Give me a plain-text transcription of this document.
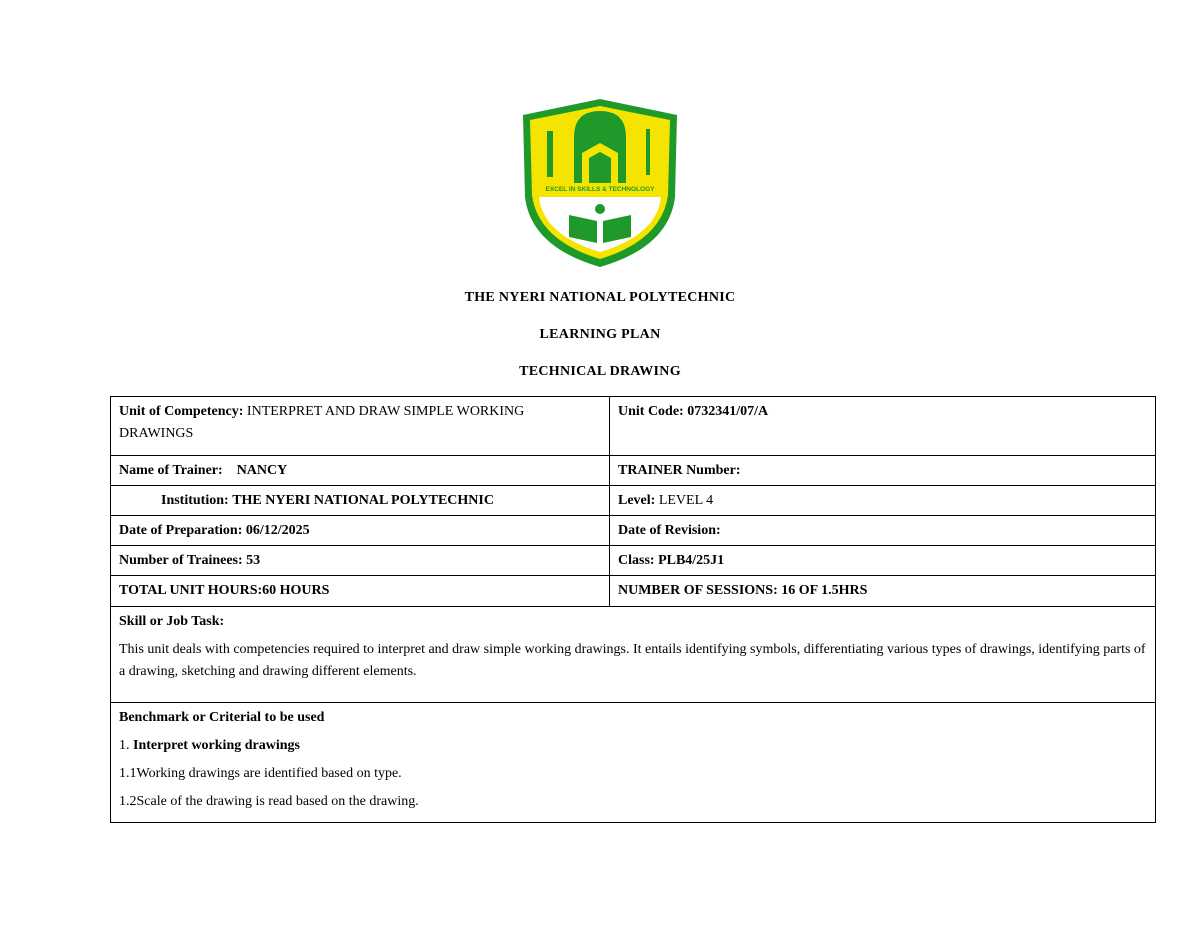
EXCEL IN SKILLS & TECHNOLOGY
THE NYERI NATIONAL POLYTECHNIC
LEARNING PLAN
TECHNICAL DRAWING
Unit of Competency: INTERPRET AND DRAW SIMPLE WORKING DRAWINGS	Unit Code: 0732341/07/A
Name of Trainer: NANCY	TRAINER Number:
Institution: THE NYERI NATIONAL POLYTECHNIC	Level: LEVEL 4
Date of Preparation: 06/12/2025	Date of Revision:
Number of Trainees: 53	Class: PLB4/25J1
TOTAL UNIT HOURS:60 HOURS	NUMBER OF SESSIONS: 16 OF 1.5HRS

Skill or Job Task:

This unit deals with competencies required to interpret and draw simple working drawings. It entails identifying symbols, differentiating various types of drawings, identifying parts of a drawing, sketching and drawing different elements.	

Benchmark or Criterial to be used

1. Interpret working drawings

1.1Working drawings are identified based on type.

1.2Scale of the drawing is read based on the drawing.	
